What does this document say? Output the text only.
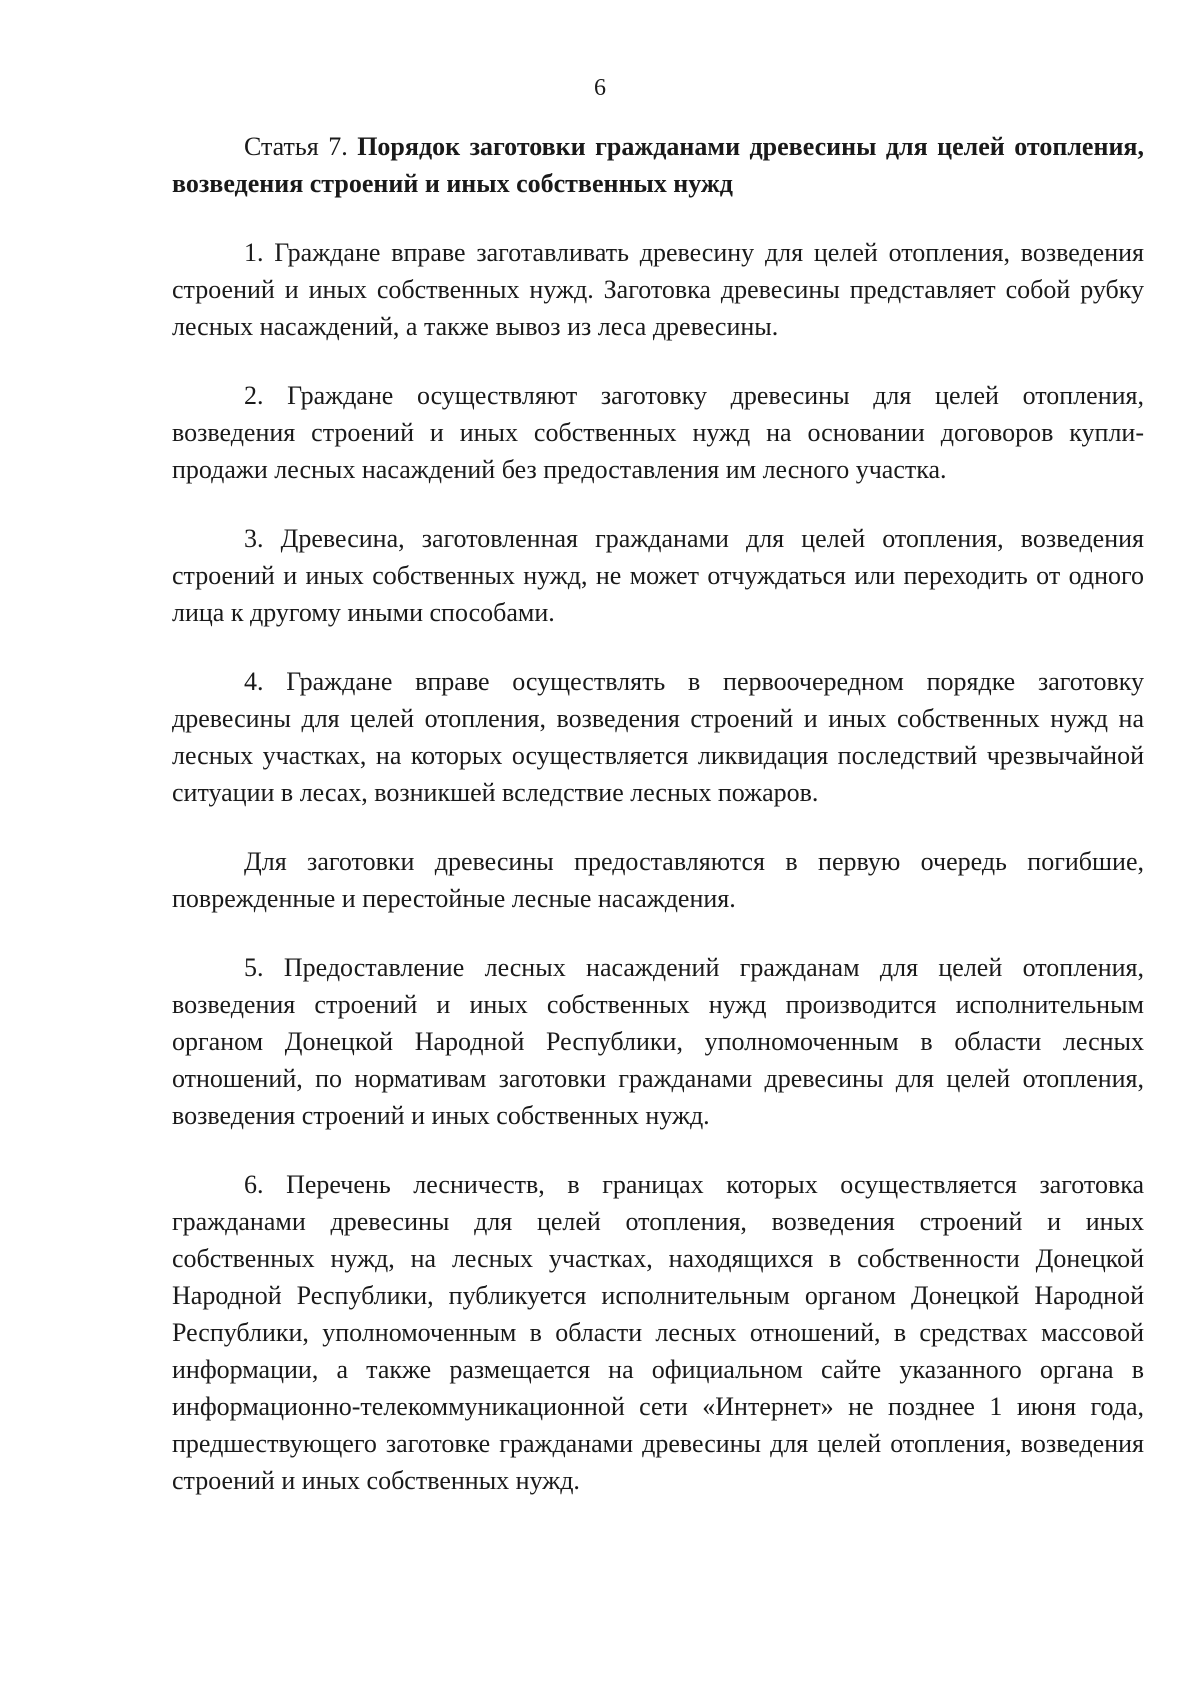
6

Статья 7. Порядок заготовки гражданами древесины для целей отопления, возведения строений и иных собственных нужд

1. Граждане вправе заготавливать древесину для целей отопления, возведения строений и иных собственных нужд. Заготовка древесины представляет собой рубку лесных насаждений, а также вывоз из леса древесины.

2. Граждане осуществляют заготовку древесины для целей отопления, возведения строений и иных собственных нужд на основании договоров купли-продажи лесных насаждений без предоставления им лесного участка.

3. Древесина, заготовленная гражданами для целей отопления, возведения строений и иных собственных нужд, не может отчуждаться или переходить от одного лица к другому иными способами.

4. Граждане вправе осуществлять в первоочередном порядке заготовку древесины для целей отопления, возведения строений и иных собственных нужд на лесных участках, на которых осуществляется ликвидация последствий чрезвычайной ситуации в лесах, возникшей вследствие лесных пожаров.

Для заготовки древесины предоставляются в первую очередь погибшие, поврежденные и перестойные лесные насаждения.

5. Предоставление лесных насаждений гражданам для целей отопления, возведения строений и иных собственных нужд производится исполнительным органом Донецкой Народной Республики, уполномоченным в области лесных отношений, по нормативам заготовки гражданами древесины для целей отопления, возведения строений и иных собственных нужд.

6. Перечень лесничеств, в границах которых осуществляется заготовка гражданами древесины для целей отопления, возведения строений и иных собственных нужд, на лесных участках, находящихся в собственности Донецкой Народной Республики, публикуется исполнительным органом Донецкой Народной Республики, уполномоченным в области лесных отношений, в средствах массовой информации, а также размещается на официальном сайте указанного органа в информационно-телекоммуникационной сети «Интернет» не позднее 1 июня года, предшествующего заготовке гражданами древесины для целей отопления, возведения строений и иных собственных нужд.
